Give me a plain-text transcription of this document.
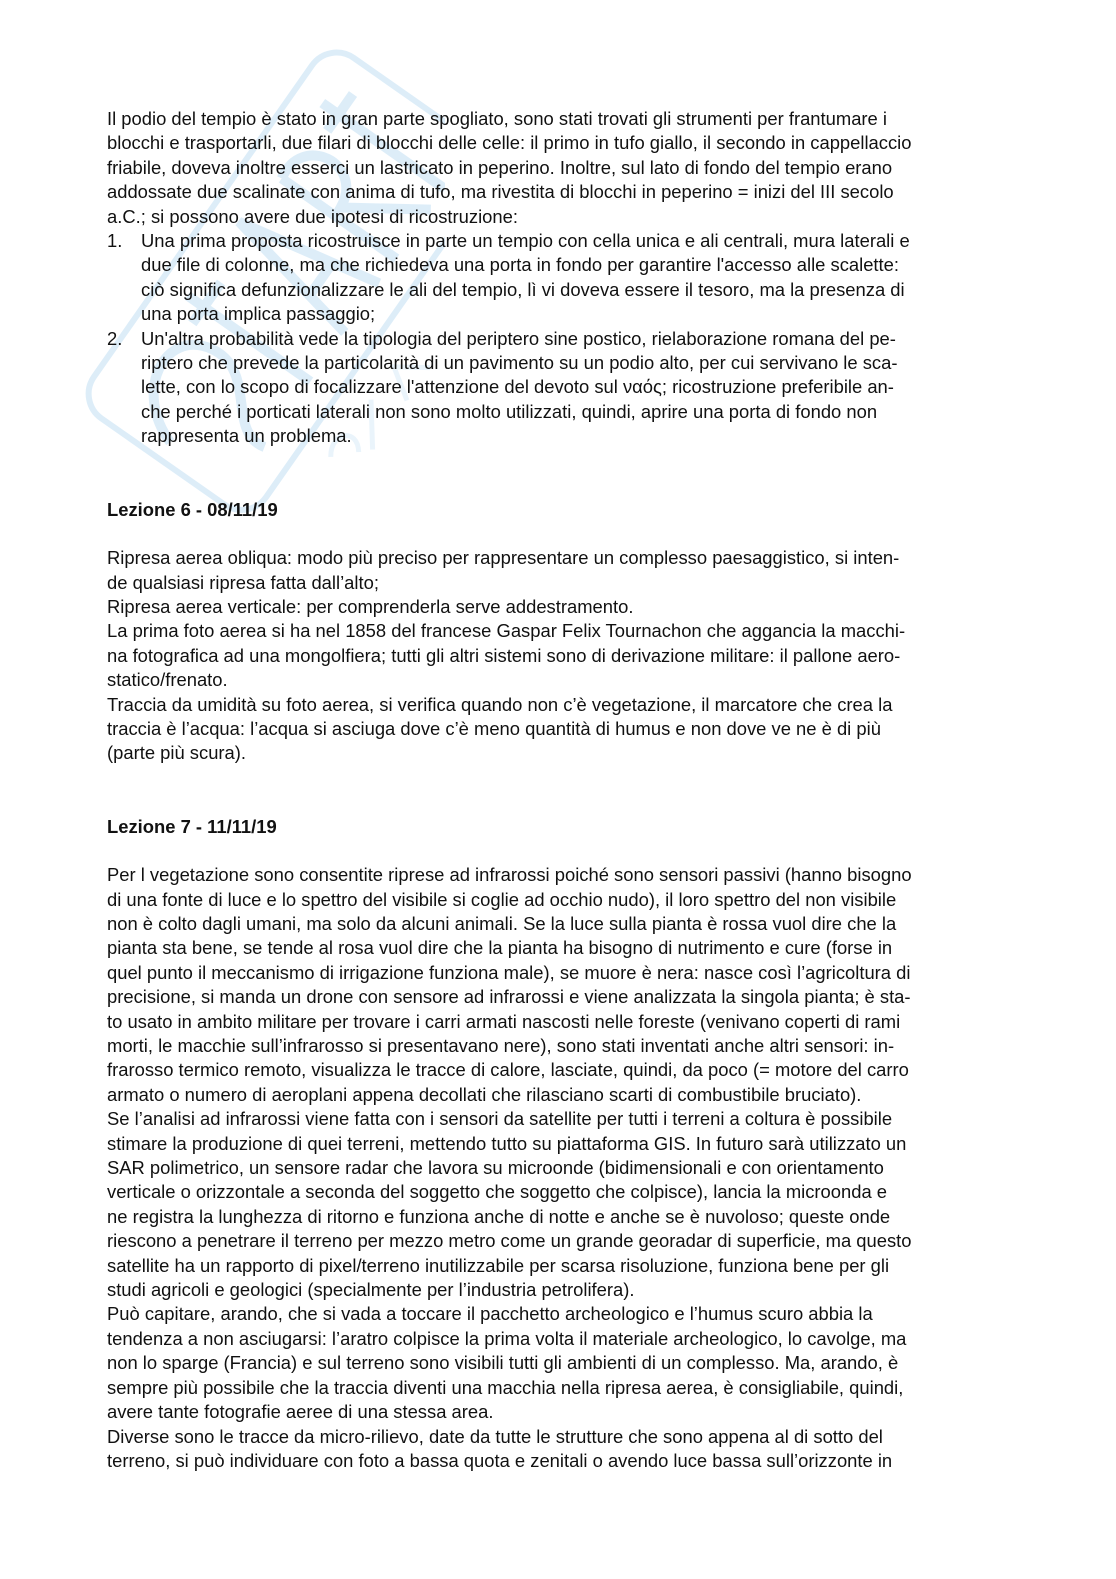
Il podio del tempio è stato in gran parte spogliato, sono stati trovati gli strumenti per frantumare i
blocchi e trasportarli, due filari di blocchi delle celle: il primo in tufo giallo, il secondo in cappellaccio
friabile, doveva inoltre esserci un lastricato in peperino. Inoltre, sul lato di fondo del tempio erano
addossate due scalinate con anima di tufo, ma rivestita di blocchi in peperino = inizi del III secolo
a.C.; si possono avere due ipotesi di ricostruzione:
1. Una prima proposta ricostruisce in parte un tempio con cella unica e ali centrali, mura laterali e
due file di colonne, ma che richiedeva una porta in fondo per garantire l'accesso alle scalette:
ciò significa defunzionalizzare le ali del tempio, lì vi doveva essere il tesoro, ma la presenza di
una porta implica passaggio;
2. Un'altra probabilità vede la tipologia del periptero sine postico, rielaborazione romana del pe-
riptero che prevede la particolarità di un pavimento su un podio alto, per cui servivano le sca-
lette, con lo scopo di focalizzare l'attenzione del devoto sul ναός; ricostruzione preferibile an-
che perché i porticati laterali non sono molto utilizzati, quindi, aprire una porta di fondo non
rappresenta un problema.
Lezione 6 - 08/11/19
Ripresa aerea obliqua: modo più preciso per rappresentare un complesso paesaggistico, si inten-
de qualsiasi ripresa fatta dall’alto;
Ripresa aerea verticale: per comprenderla serve addestramento.
La prima foto aerea si ha nel 1858 del francese Gaspar Felix Tournachon che aggancia la macchi-
na fotografica ad una mongolfiera; tutti gli altri sistemi sono di derivazione militare: il pallone aero-
statico/frenato.
Traccia da umidità su foto aerea, si verifica quando non c’è vegetazione, il marcatore che crea la
traccia è l’acqua: l’acqua si asciuga dove c’è meno quantità di humus e non dove ve ne è di più
(parte più scura).
Lezione 7 - 11/11/19
Per l vegetazione sono consentite riprese ad infrarossi poiché sono sensori passivi (hanno bisogno
di una fonte di luce e lo spettro del visibile si coglie ad occhio nudo), il loro spettro del non visibile
non è colto dagli umani, ma solo da alcuni animali. Se la luce sulla pianta è rossa vuol dire che la
pianta sta bene, se tende al rosa vuol dire che la pianta ha bisogno di nutrimento e cure (forse in
quel punto il meccanismo di irrigazione funziona male), se muore è nera: nasce così l’agricoltura di
precisione, si manda un drone con sensore ad infrarossi e viene analizzata la singola pianta; è sta-
to usato in ambito militare per trovare i carri armati nascosti nelle foreste (venivano coperti di rami
morti, le macchie sull’infrarosso si presentavano nere), sono stati inventati anche altri sensori: in-
frarosso termico remoto, visualizza le tracce di calore, lasciate, quindi, da poco (= motore del carro
armato o numero di aeroplani appena decollati che rilasciano scarti di combustibile bruciato).
Se l’analisi ad infrarossi viene fatta con i sensori da satellite per tutti i terreni a coltura è possibile
stimare la produzione di quei terreni, mettendo tutto su piattaforma GIS. In futuro sarà utilizzato un
SAR polimetrico, un sensore radar che lavora su microonde (bidimensionali e con orientamento
verticale o orizzontale a seconda del soggetto che soggetto che colpisce), lancia la microonda e
ne registra la lunghezza di ritorno e funziona anche di notte e anche se è nuvoloso; queste onde
riescono a penetrare il terreno per mezzo metro come un grande georadar di superficie, ma questo
satellite ha un rapporto di pixel/terreno inutilizzabile per scarsa risoluzione, funziona bene per gli
studi agricoli e geologici (specialmente per l’industria petrolifera).
Può capitare, arando, che si vada a toccare il pacchetto archeologico e l’humus scuro abbia la
tendenza a non asciugarsi: l’aratro colpisce la prima volta il materiale archeologico, lo cavolge, ma
non lo sparge (Francia) e sul terreno sono visibili tutti gli ambienti di un complesso. Ma, arando, è
sempre più possibile che la traccia diventi una macchia nella ripresa aerea, è consigliabile, quindi,
avere tante fotografie aeree di una stessa area.
Diverse sono le tracce da micro-rilievo, date da tutte le strutture che sono appena al di sotto del
terreno, si può individuare con foto a bassa quota e zenitali o avendo luce bassa sull’orizzonte in
